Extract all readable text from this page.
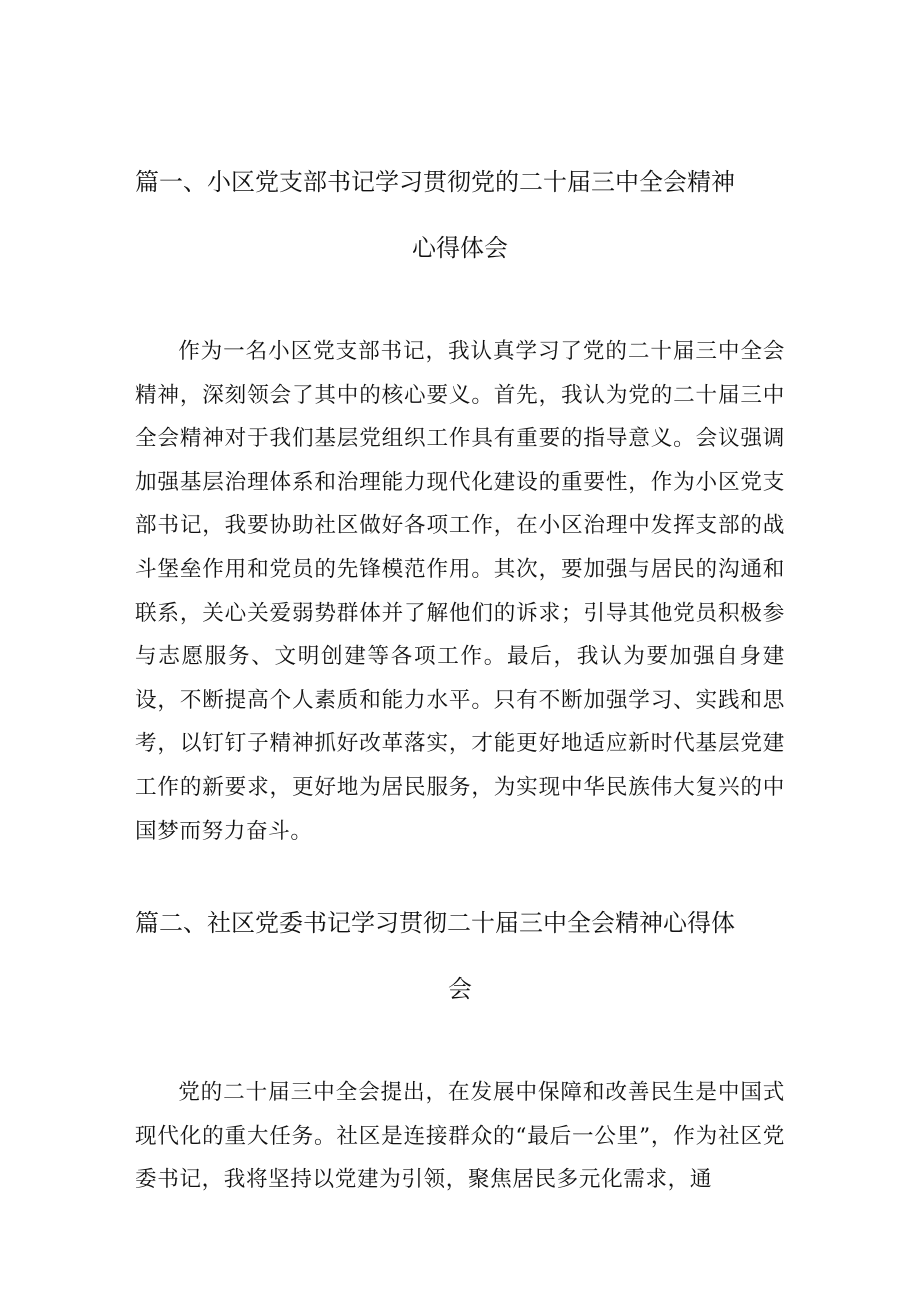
篇一、小区党支部书记学习贯彻党的二十届三中全会精神
心得体会

作为一名小区党支部书记，我认真学习了党的二十届三中全会精神，深刻领会了其中的核心要义。首先，我认为党的二十届三中全会精神对于我们基层党组织工作具有重要的指导意义。会议强调加强基层治理体系和治理能力现代化建设的重要性，作为小区党支部书记，我要协助社区做好各项工作，在小区治理中发挥支部的战斗堡垒作用和党员的先锋模范作用。其次，要加强与居民的沟通和联系，关心关爱弱势群体并了解他们的诉求；引导其他党员积极参与志愿服务、文明创建等各项工作。最后，我认为要加强自身建设，不断提高个人素质和能力水平。只有不断加强学习、实践和思考，以钉钉子精神抓好改革落实，才能更好地适应新时代基层党建工作的新要求，更好地为居民服务，为实现中华民族伟大复兴的中国梦而努力奋斗。

篇二、社区党委书记学习贯彻二十届三中全会精神心得体
会

党的二十届三中全会提出，在发展中保障和改善民生是中国式现代化的重大任务。社区是连接群众的“最后一公里”，作为社区党委书记，我将坚持以党建为引领，聚焦居民多元化需求，通
